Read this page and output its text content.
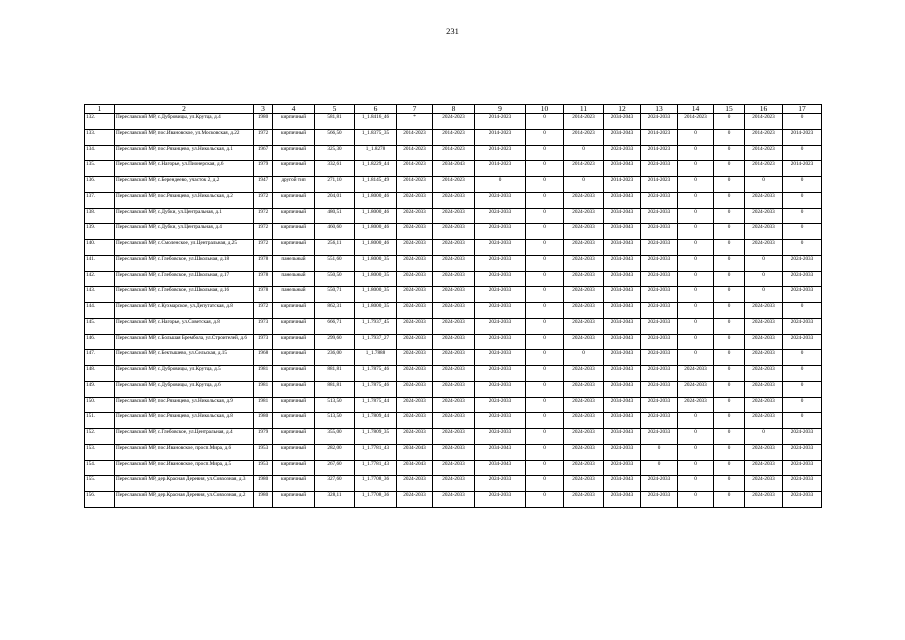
231
1	2	3	4	5	6	7	8	9	10	11	12	13	14	15	16	17
132.	Переславский МР, с.Дубровицы, ул.Крутца, д.4	1980	кирпичный	581,81	1_1.8416_46	*	2024-2023	2014-2023	0	2014-2023	2034-2043	2024-2033	2014-2023	0	2014-2023	0
133.	Переславский МР, пос.Ивановское, ул.Московская, д.22	1972	кирпичный	566,50	1_1.8375_35	2014-2023	2014-2023	2014-2023	0	2014-2023	2034-2043	2014-2023	0	0	2014-2023	2014-2023
134.	Переславский МР, пос.Рязанцево, ул.Никольская, д.1	1967	кирпичный	325,30	1_1.8278	2014-2023	2014-2023	2014-2023	0	0	2024-2033	2014-2023	0	0	2014-2023	0
135.	Переславский МР, с.Нагорье, ул.Пионерская, д.6	1979	кирпичный	332,61	1_1.8229_44	2014-2023	2034-2043	2014-2023	0	2014-2023	2034-2043	2024-2033	0	0	2014-2023	2014-2023
136.	Переславский МР, с.Берендеево, участок 2, д.2	1947	другой тип	271,10	1_1.8145_49	2014-2023	2014-2023	0	0	0	2014-2023	2014-2023	0	0	0	0
137.	Переславский МР, пос.Рязанцево, ул.Никольская, д.2	1972	кирпичный	204,01	1_1.8000_46	2024-2033	2024-2033	2024-2033	0	2024-2033	2034-2043	2024-2033	0	0	2024-2033	0
138.	Переславский МР, с.Дубки, ул.Центральная, д.1	1972	кирпичный	480,51	1_1.8000_46	2024-2033	2024-2033	2024-2033	0	2024-2033	2034-2043	2024-2033	0	0	2024-2033	0
139.	Переславский МР, с.Дубки, ул.Центральная, д.4	1972	кирпичный	460,60	1_1.8000_46	2024-2033	2024-2033	2024-2033	0	2024-2033	2034-2043	2024-2033	0	0	2024-2033	0
140.	Переславский МР, с.Смоленское, ул.Центральная, д.25	1972	кирпичный	256,11	1_1.8000_46	2024-2033	2024-2033	2024-2033	0	2024-2033	2034-2043	2024-2033	0	0	2024-2033	0
141.	Переславский МР, с.Глебовское, ул.Школьная, д.18	1978	панельный	551,60	1_1.8000_35	2024-2033	2024-2033	2024-2033	0	2024-2033	2034-2043	2024-2033	0	0	0	2024-2033
142.	Переславский МР, с.Глебовское, ул.Школьная, д.17	1978	панельный	550,50	1_1.8000_35	2024-2033	2024-2033	2024-2033	0	2024-2033	2034-2043	2024-2033	0	0	0	2024-2033
143.	Переславский МР, с.Глебовское, ул.Школьная, д.16	1978	панельный	550,71	1_1.8000_35	2024-2033	2024-2033	2024-2033	0	2024-2033	2034-2043	2024-2033	0	0	0	2024-2033
144.	Переславский МР, с.Кухмарское, ул.Депутатская, д.8	1972	кирпичный	862,31	1_1.8000_35	2024-2033	2024-2033	2024-2033	0	2024-2033	2034-2043	2024-2033	0	0	2024-2033	0
145.	Переславский МР, с.Нагорье, ул.Советская, д.8	1973	кирпичный	666,71	1_1.7937_45	2024-2033	2024-2033	2024-2033	0	2024-2033	2034-2043	2024-2033	0	0	2024-2033	2024-2033
146.	Переславский МР, с.Большая Брембола, ул.Строителей, д.6	1973	кирпичный	299,60	1_1.7937_27	2024-2033	2024-2033	2024-2033	0	2024-2033	2034-2043	2024-2033	0	0	2024-2033	2024-2033
147.	Переславский МР, с.Бектышево, ул.Сельская, д.15	1968	кирпичный	236,00	1_1.7888	2024-2033	2024-2033	2024-2033	0	0	2034-2043	2024-2033	0	0	2024-2033	0
148.	Переславский МР, с.Дубровицы, ул.Крутца, д.5	1981	кирпичный	881,81	1_1.7875_46	2024-2033	2024-2033	2024-2033	0	2024-2033	2034-2043	2024-2033	2024-2033	0	2024-2033	0
149.	Переславский МР, с.Дубровицы, ул.Крутца, д.6	1981	кирпичный	881,81	1_1.7875_46	2024-2033	2024-2033	2024-2033	0	2024-2033	2034-2043	2024-2033	2024-2033	0	2024-2033	0
150.	Переславский МР, пос.Рязанцево, ул.Никольская, д.9	1981	кирпичный	513,50	1_1.7875_44	2024-2033	2024-2033	2024-2033	0	2024-2033	2034-2043	2024-2033	2024-2033	0	2024-2033	0
151.	Переславский МР, пос.Рязанцево, ул.Никольская, д.8	1980	кирпичный	513,50	1_1.7809_44	2024-2033	2024-2033	2024-2033	0	2024-2033	2034-2043	2024-2033	0	0	2024-2033	0
152.	Переславский МР, с.Глебовское, ул.Центральная, д.4	1979	кирпичный	355,00	1_1.7809_35	2024-2033	2024-2033	2024-2033	0	2024-2033	2034-2043	2024-2033	0	0	0	2024-2033
153.	Переславский МР, пос.Ивановское, просп.Мира, д.6	1953	кирпичный	282,00	1_1.7781_43	2034-2043	2024-2033	2034-2043	0	2024-2033	2024-2033	0	0	0	2024-2033	2024-2033
154.	Переславский МР, пос.Ивановское, просп.Мира, д.5	1953	кирпичный	267,60	1_1.7781_43	2034-2043	2024-2033	2034-2043	0	2024-2033	2024-2033	0	0	0	2024-2033	2024-2033
155.	Переславский МР, дер.Красная Деревня, ул.Совхозная, д.3	1980	кирпичный	327,60	1_1.7708_36	2024-2033	2024-2033	2024-2033	0	2024-2033	2034-2043	2024-2033	0	0	2024-2033	2024-2033
156.	Переславский МР, дер.Красная Деревня, ул.Совхозная, д.2	1980	кирпичный	328,11	1_1.7708_36	2024-2033	2024-2033	2024-2033	0	2024-2033	2034-2043	2024-2033	0	0	2024-2033	2024-2033
